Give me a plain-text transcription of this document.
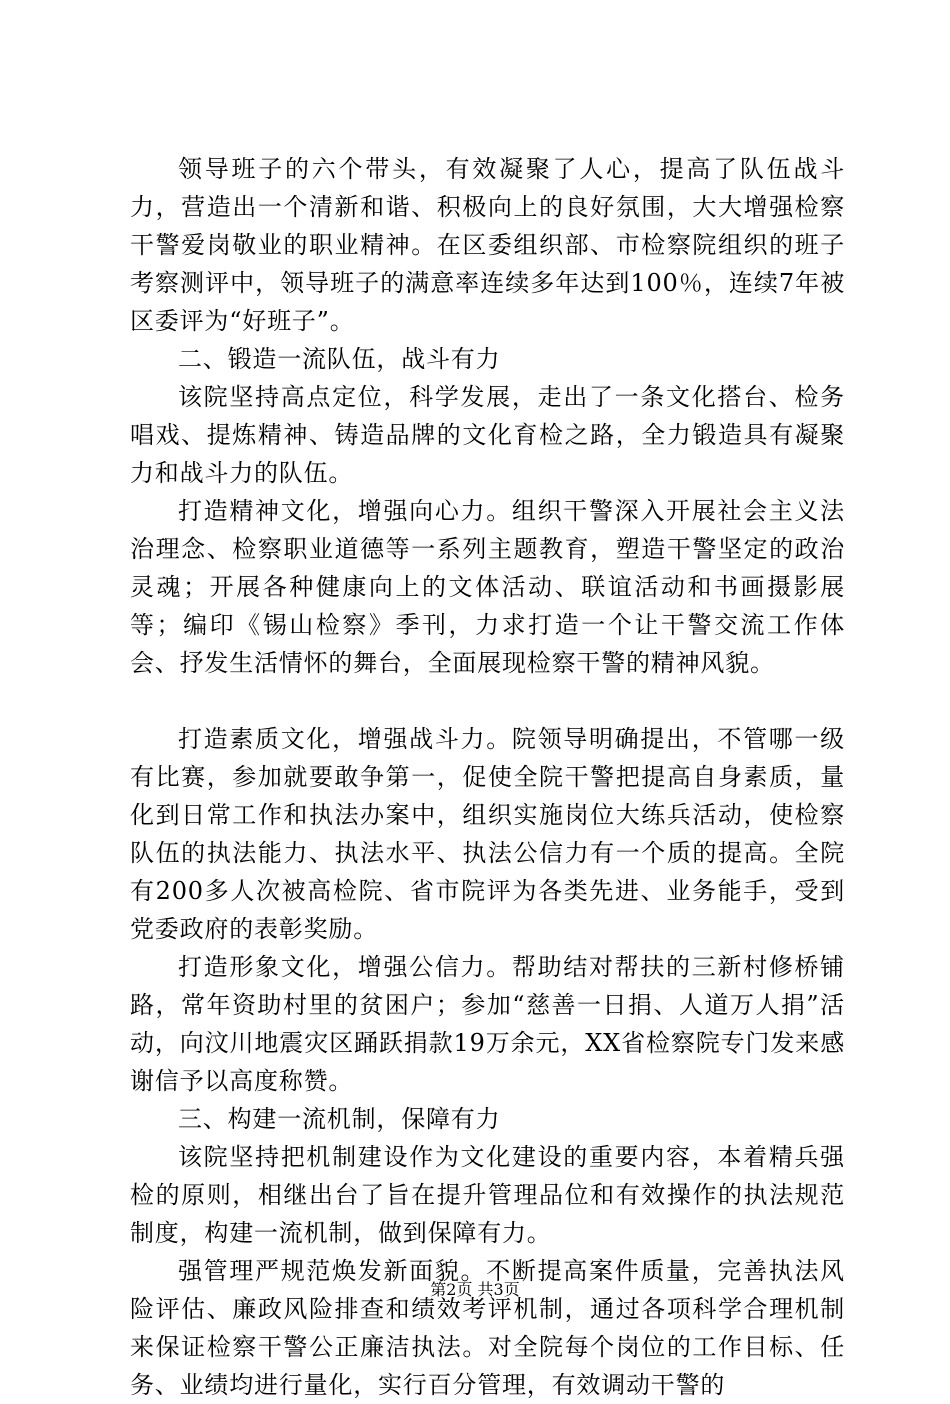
领导班子的六个带头，有效凝聚了人心，提高了队伍战斗力，营造出一个清新和谐、积极向上的良好氛围，大大增强检察干警爱岗敬业的职业精神。在区委组织部、市检察院组织的班子考察测评中，领导班子的满意率连续多年达到100％，连续7年被区委评为“好班子”。

二、锻造一流队伍，战斗有力

该院坚持高点定位，科学发展，走出了一条文化搭台、检务唱戏、提炼精神、铸造品牌的文化育检之路，全力锻造具有凝聚力和战斗力的队伍。

打造精神文化，增强向心力。组织干警深入开展社会主义法治理念、检察职业道德等一系列主题教育，塑造干警坚定的政治灵魂；开展各种健康向上的文体活动、联谊活动和书画摄影展等；编印《锡山检察》季刊，力求打造一个让干警交流工作体会、抒发生活情怀的舞台，全面展现检察干警的精神风貌。

打造素质文化，增强战斗力。院领导明确提出，不管哪一级有比赛，参加就要敢争第一，促使全院干警把提高自身素质，量化到日常工作和执法办案中，组织实施岗位大练兵活动，使检察队伍的执法能力、执法水平、执法公信力有一个质的提高。全院有200多人次被高检院、省市院评为各类先进、业务能手，受到党委政府的表彰奖励。

打造形象文化，增强公信力。帮助结对帮扶的三新村修桥铺路，常年资助村里的贫困户；参加“慈善一日捐、人道万人捐”活动，向汶川地震灾区踊跃捐款19万余元，XX省检察院专门发来感谢信予以高度称赞。

三、构建一流机制，保障有力

该院坚持把机制建设作为文化建设的重要内容，本着精兵强检的原则，相继出台了旨在提升管理品位和有效操作的执法规范制度，构建一流机制，做到保障有力。

强管理严规范焕发新面貌。不断提高案件质量，完善执法风险评估、廉政风险排查和绩效考评机制，通过各项科学合理机制来保证检察干警公正廉洁执法。对全院每个岗位的工作目标、任务、业绩均进行量化，实行百分管理，有效调动干警的

第2页 共3页
